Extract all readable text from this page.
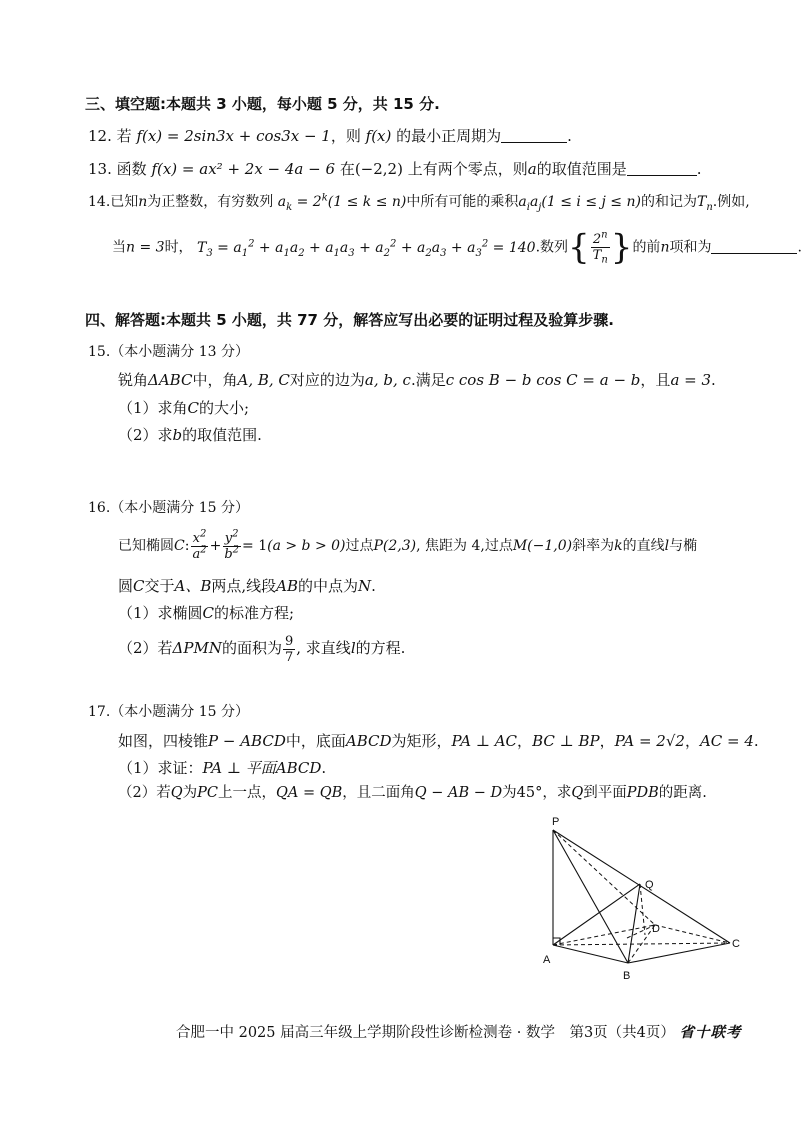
三、填空题:本题共 3 小题，每小题 5 分，共 15 分.
12. 若 f(x) = 2sin3x + cos3x − 1，则 f(x) 的最小正周期为	.
13. 函数 f(x) = ax² + 2x − 4a − 6 在(−2,2) 上有两个零点，则a的取值范围是	.
14.已知n为正整数，有穷数列 $a_k = 2^k(1 \le k \le n)$中所有可能的乘积$a_ia_j(1 \le i \le j \le n)$的和记为$T_n$.例如,
当n = 3时， $T_3 = a_1^2 + a_1a_2 + a_1a_3 + a_2^2 + a_2a_3 + a_3^2 = 140$.数列{ $\frac{2^n}{T_n}$ }的前n项和为	.
四、解答题:本题共 5 小题，共 77 分，解答应写出必要的证明过程及验算步骤.
15.（本小题满分 13 分）
锐角ΔABC中，角A, B, C对应的边为a, b, c.满足c cos B − b cos C = a − b，且a = 3.
（1）求角C的大小;
（2）求b的取值范围.
16.（本小题满分 15 分）
已知椭圆C: $\frac{x^2}{a^2} + \frac{y^2}{b^2} = 1(a > b > 0)$过点P(2,3), 焦距为 4,过点M(−1,0)斜率为k的直线l与椭
圆C交于A、B两点,线段AB的中点为N.
（1）求椭圆C的标准方程;
（2）若ΔPMN的面积为 $\frac{9}{7}$ , 求直线l的方程.
17.（本小题满分 15 分）
如图，四棱锥P − ABCD中，底面ABCD为矩形，PA ⊥ AC，BC ⊥ BP，PA = 2√2，AC = 4.
（1）求证：PA ⊥ 平面ABCD.
（2）若Q为PC上一点，QA = QB，且二面角Q − AB − D为45°，求Q到平面PDB的距离.
P
Q
D
A
B
C
合肥一中 2025 届高三年级上学期阶段性诊断检测卷 · 数学　第3页（共4页） 省十联考
